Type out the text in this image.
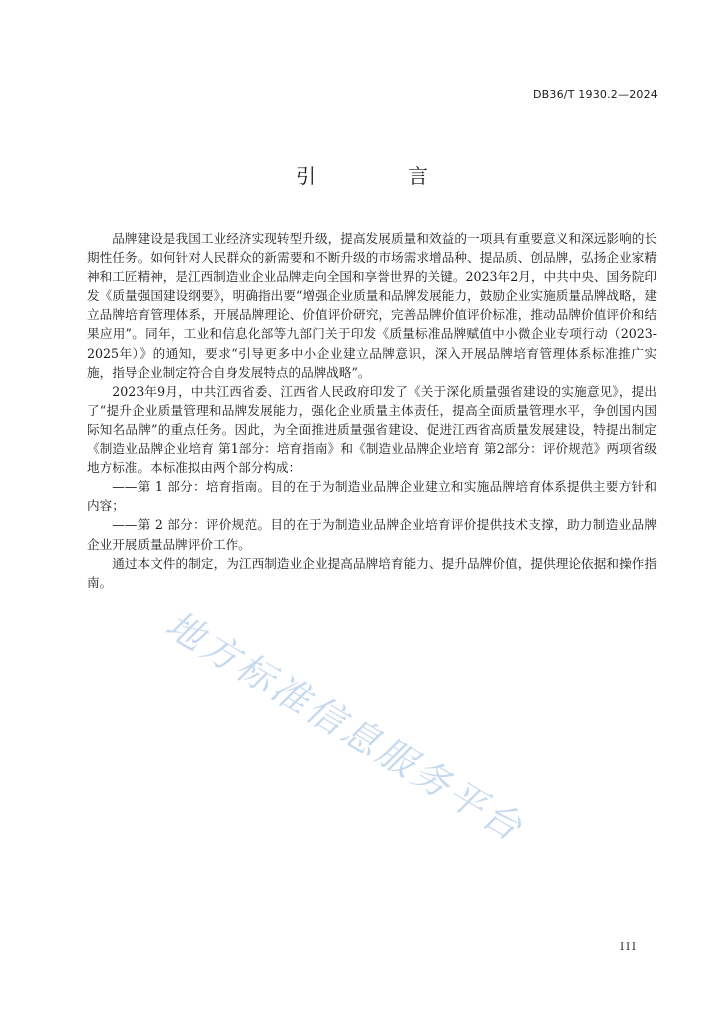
DB36/T 1930.2—2024
引　言

品牌建设是我国工业经济实现转型升级，提高发展质量和效益的一项具有重要意义和深远影响的长期性任务。如何针对人民群众的新需要和不断升级的市场需求增品种、提品质、创品牌，弘扬企业家精神和工匠精神，是江西制造业企业品牌走向全国和享誉世界的关键。2023年2月，中共中央、国务院印发《质量强国建设纲要》，明确指出要“增强企业质量和品牌发展能力，鼓励企业实施质量品牌战略，建立品牌培育管理体系，开展品牌理论、价值评价研究，完善品牌价值评价标准，推动品牌价值评价和结果应用”。同年，工业和信息化部等九部门关于印发《质量标准品牌赋值中小微企业专项行动（2023-2025年）》的通知，要求“引导更多中小企业建立品牌意识，深入开展品牌培育管理体系标准推广实施，指导企业制定符合自身发展特点的品牌战略”。

2023年9月，中共江西省委、江西省人民政府印发了《关于深化质量强省建设的实施意见》，提出了“提升企业质量管理和品牌发展能力，强化企业质量主体责任，提高全面质量管理水平，争创国内国际知名品牌”的重点任务。因此，为全面推进质量强省建设、促进江西省高质量发展建设，特提出制定《制造业品牌企业培育 第1部分：培育指南》和《制造业品牌企业培育 第2部分：评价规范》两项省级地方标准。本标准拟由两个部分构成：

——第 1 部分：培育指南。目的在于为制造业品牌企业建立和实施品牌培育体系提供主要方针和内容；

——第 2 部分：评价规范。目的在于为制造业品牌企业培育评价提供技术支撑，助力制造业品牌企业开展质量品牌评价工作。

通过本文件的制定，为江西制造业企业提高品牌培育能力、提升品牌价值，提供理论依据和操作指南。

地方标准信息服务平台
III
